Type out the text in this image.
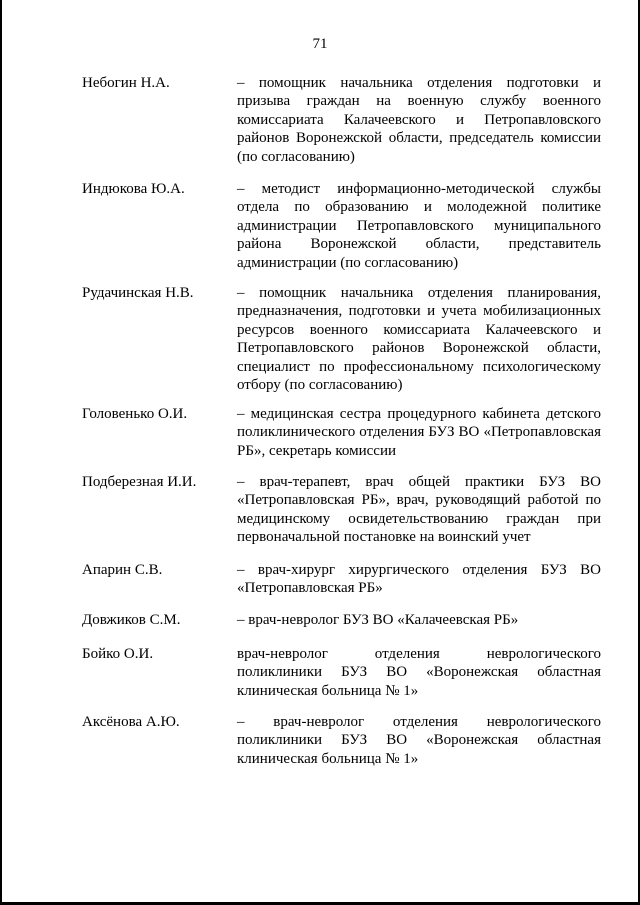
71
Небогин Н.А.	– помощник начальника отделения подготовки и призыва граждан на военную службу военного комиссариата Калачеевского и Петропавловского районов Воронежской области, председатель комиссии (по согласованию)
Индюкова Ю.А.	– методист информационно-методической службы отдела по образованию и молодежной политике администрации Петропавловского муниципального района Воронежской области, представитель администрации (по согласованию)
Рудачинская Н.В.	– помощник начальника отделения планирования, предназначения, подготовки и учета мобилизационных ресурсов военного комиссариата Калачеевского и Петропавловского районов Воронежской области, специалист по профессиональному психологическому отбору (по согласованию)
Головенько О.И.	– медицинская сестра процедурного кабинета детского поликлинического отделения БУЗ ВО «Петропавловская РБ», секретарь комиссии
Подберезная И.И.	– врач-терапевт, врач общей практики БУЗ ВО «Петропавловская РБ», врач, руководящий работой по медицинскому освидетельствованию граждан при первоначальной постановке на воинский учет
Апарин С.В.	– врач-хирург хирургического отделения БУЗ ВО «Петропавловская РБ»
Довжиков С.М.	– врач-невролог БУЗ ВО «Калачеевская РБ»
Бойко О.И.	врач-невролог отделения неврологического поликлиники БУЗ ВО «Воронежская областная клиническая больница № 1»
Аксёнова А.Ю.	– врач-невролог отделения неврологического поликлиники БУЗ ВО «Воронежская областная клиническая больница № 1»
